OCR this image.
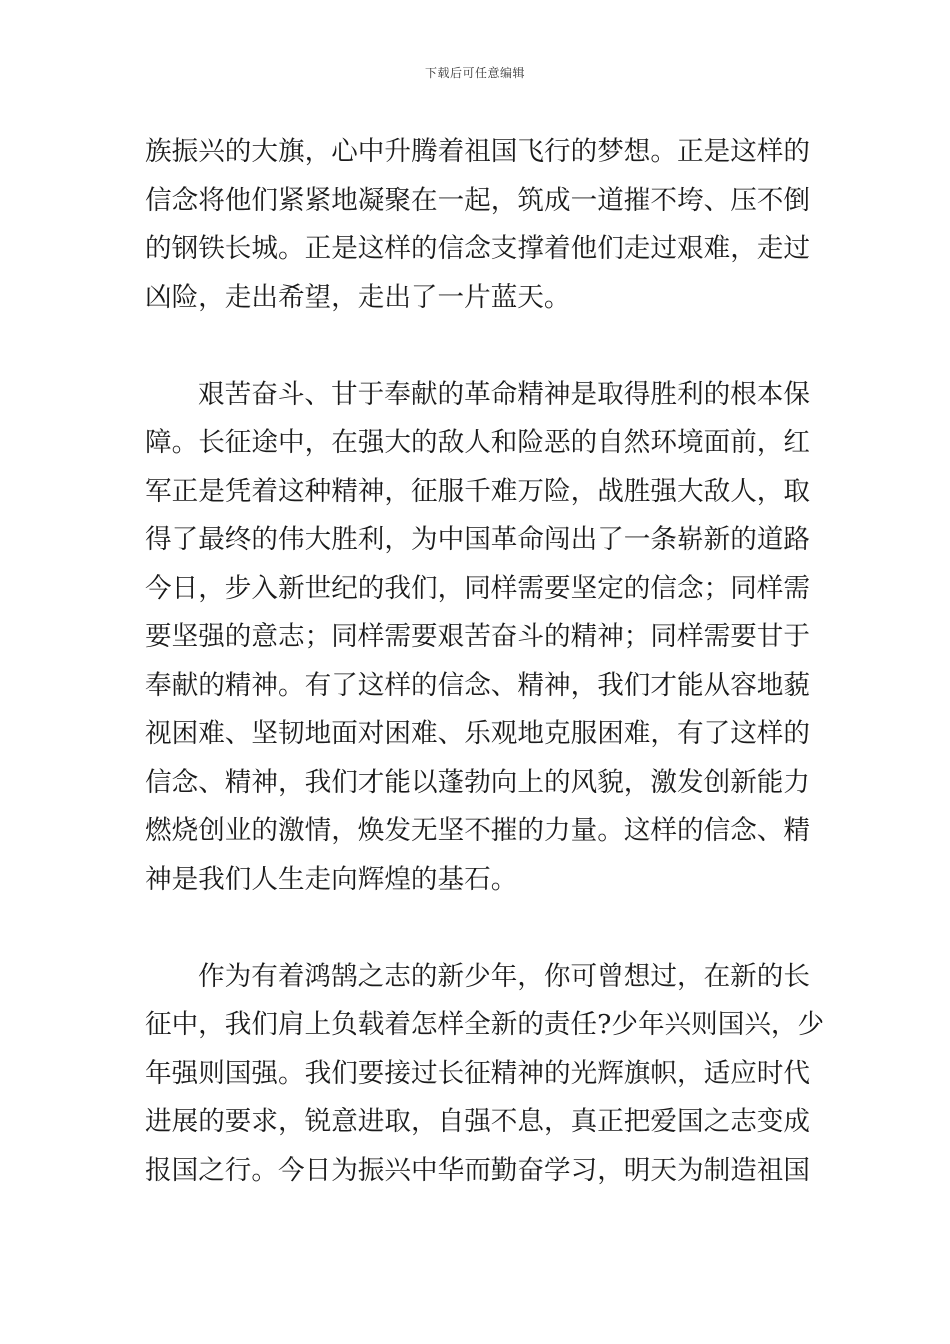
下载后可任意编辑
族振兴的大旗，心中升腾着祖国飞行的梦想。正是这样的
信念将他们紧紧地凝聚在一起，筑成一道摧不垮、压不倒
的钢铁长城。正是这样的信念支撑着他们走过艰难，走过
凶险，走出希望，走出了一片蓝天。
艰苦奋斗、甘于奉献的革命精神是取得胜利的根本保
障。长征途中，在强大的敌人和险恶的自然环境面前，红
军正是凭着这种精神，征服千难万险，战胜强大敌人，取
得了最终的伟大胜利，为中国革命闯出了一条崭新的道路
今日，步入新世纪的我们，同样需要坚定的信念；同样需
要坚强的意志；同样需要艰苦奋斗的精神；同样需要甘于
奉献的精神。有了这样的信念、精神，我们才能从容地藐
视困难、坚韧地面对困难、乐观地克服困难，有了这样的
信念、精神，我们才能以蓬勃向上的风貌，激发创新能力
燃烧创业的激情，焕发无坚不摧的力量。这样的信念、精
神是我们人生走向辉煌的基石。
作为有着鸿鹄之志的新少年，你可曾想过，在新的长
征中，我们肩上负载着怎样全新的责任?少年兴则国兴，少
年强则国强。我们要接过长征精神的光辉旗帜，适应时代
进展的要求，锐意进取，自强不息，真正把爱国之志变成
报国之行。今日为振兴中华而勤奋学习，明天为制造祖国
